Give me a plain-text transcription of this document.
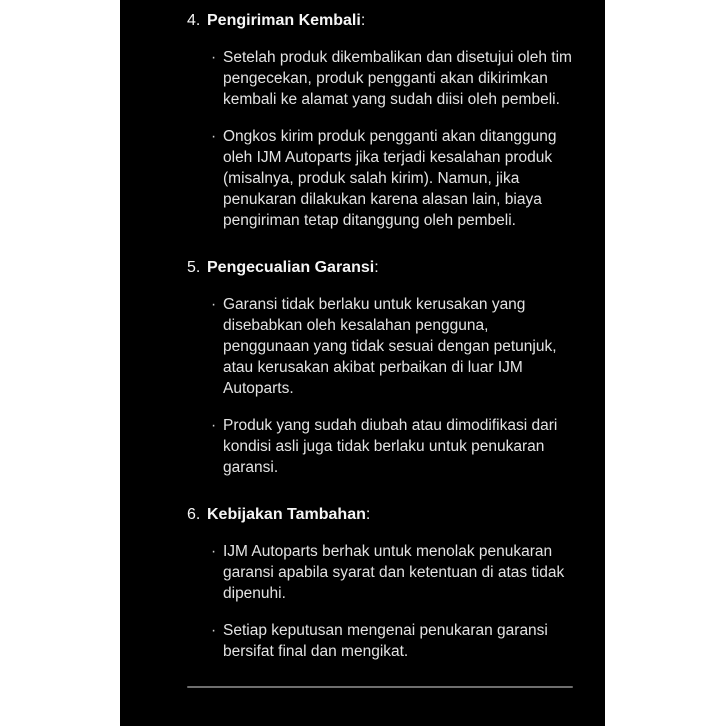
4. Pengiriman Kembali:
· Setelah produk dikembalikan dan disetujui oleh tim pengecekan, produk pengganti akan dikirimkan kembali ke alamat yang sudah diisi oleh pembeli.
· Ongkos kirim produk pengganti akan ditanggung oleh IJM Autoparts jika terjadi kesalahan produk (misalnya, produk salah kirim). Namun, jika penukaran dilakukan karena alasan lain, biaya pengiriman tetap ditanggung oleh pembeli.
5. Pengecualian Garansi:
· Garansi tidak berlaku untuk kerusakan yang disebabkan oleh kesalahan pengguna, penggunaan yang tidak sesuai dengan petunjuk, atau kerusakan akibat perbaikan di luar IJM Autoparts.
· Produk yang sudah diubah atau dimodifikasi dari kondisi asli juga tidak berlaku untuk penukaran garansi.
6. Kebijakan Tambahan:
· IJM Autoparts berhak untuk menolak penukaran garansi apabila syarat dan ketentuan di atas tidak dipenuhi.
· Setiap keputusan mengenai penukaran garansi bersifat final dan mengikat.
